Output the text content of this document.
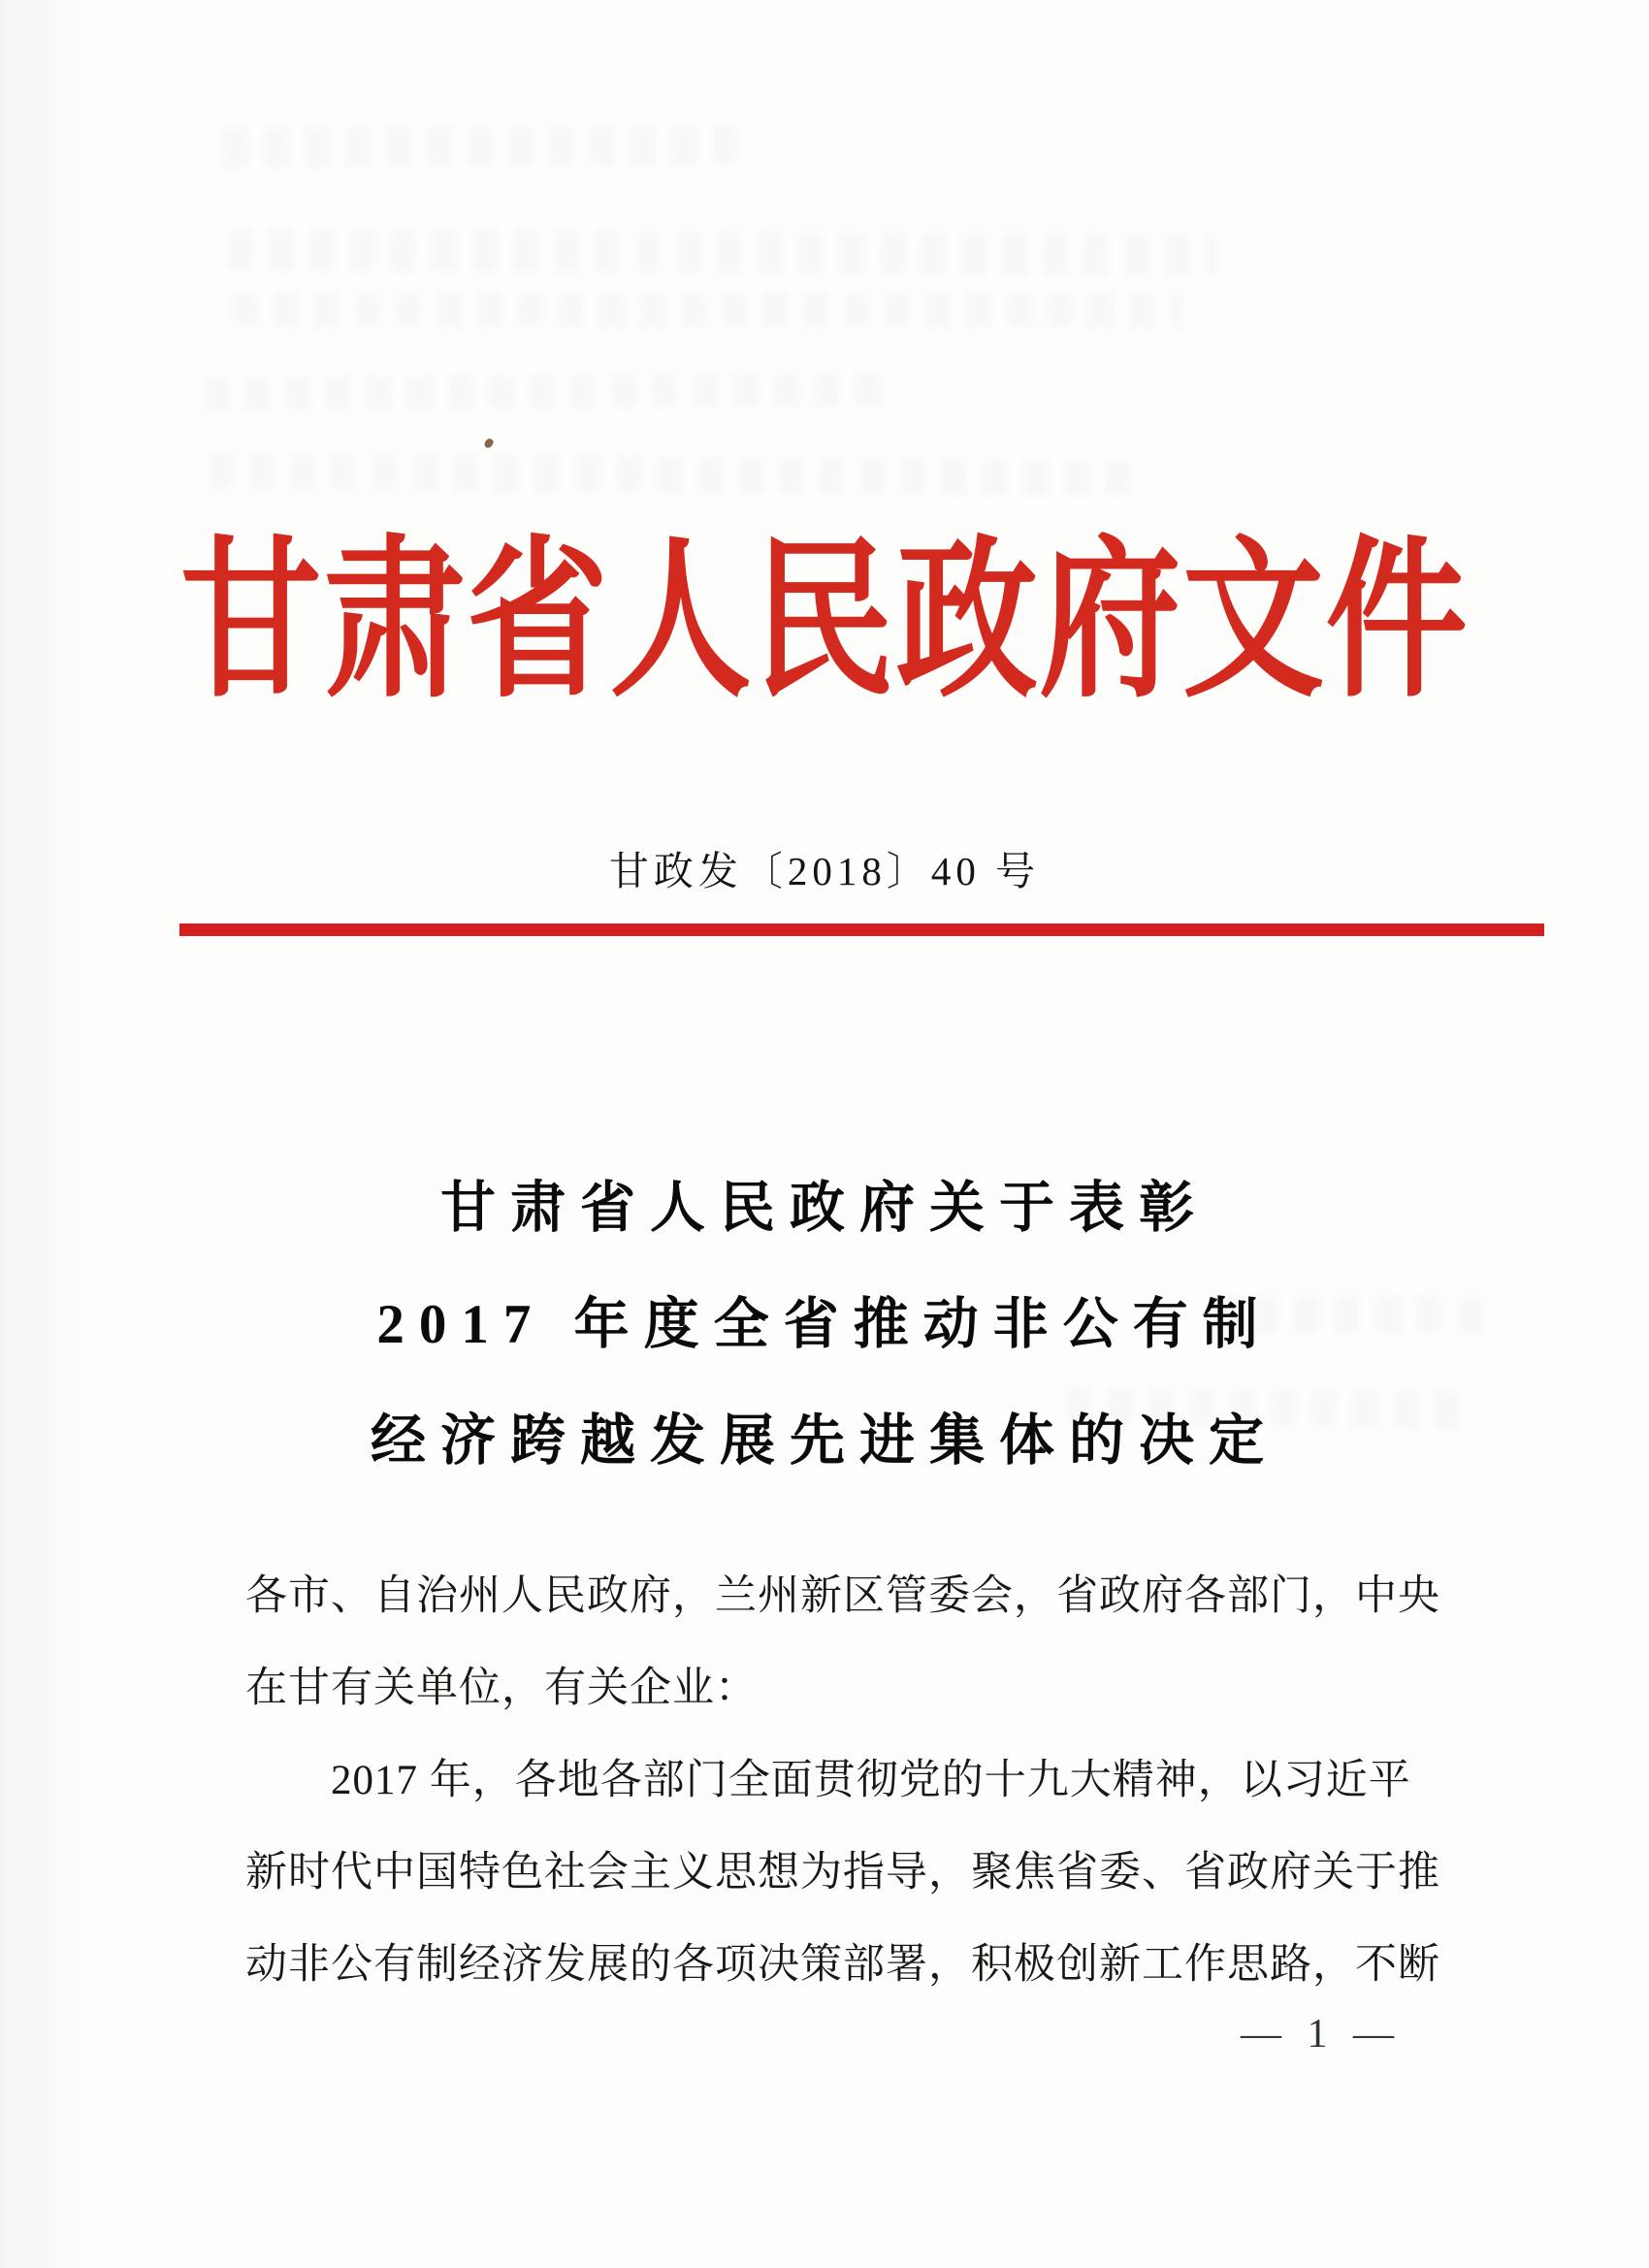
甘肃省人民政府文件
甘政发〔2018〕40 号
甘肃省人民政府关于表彰
2017 年度全省推动非公有制
经济跨越发展先进集体的决定
各市、自治州人民政府，兰州新区管委会，省政府各部门，中央
在甘有关单位，有关企业：
2017 年，各地各部门全面贯彻党的十九大精神，以习近平
新时代中国特色社会主义思想为指导，聚焦省委、省政府关于推
动非公有制经济发展的各项决策部署，积极创新工作思路，不断
— 1 —
